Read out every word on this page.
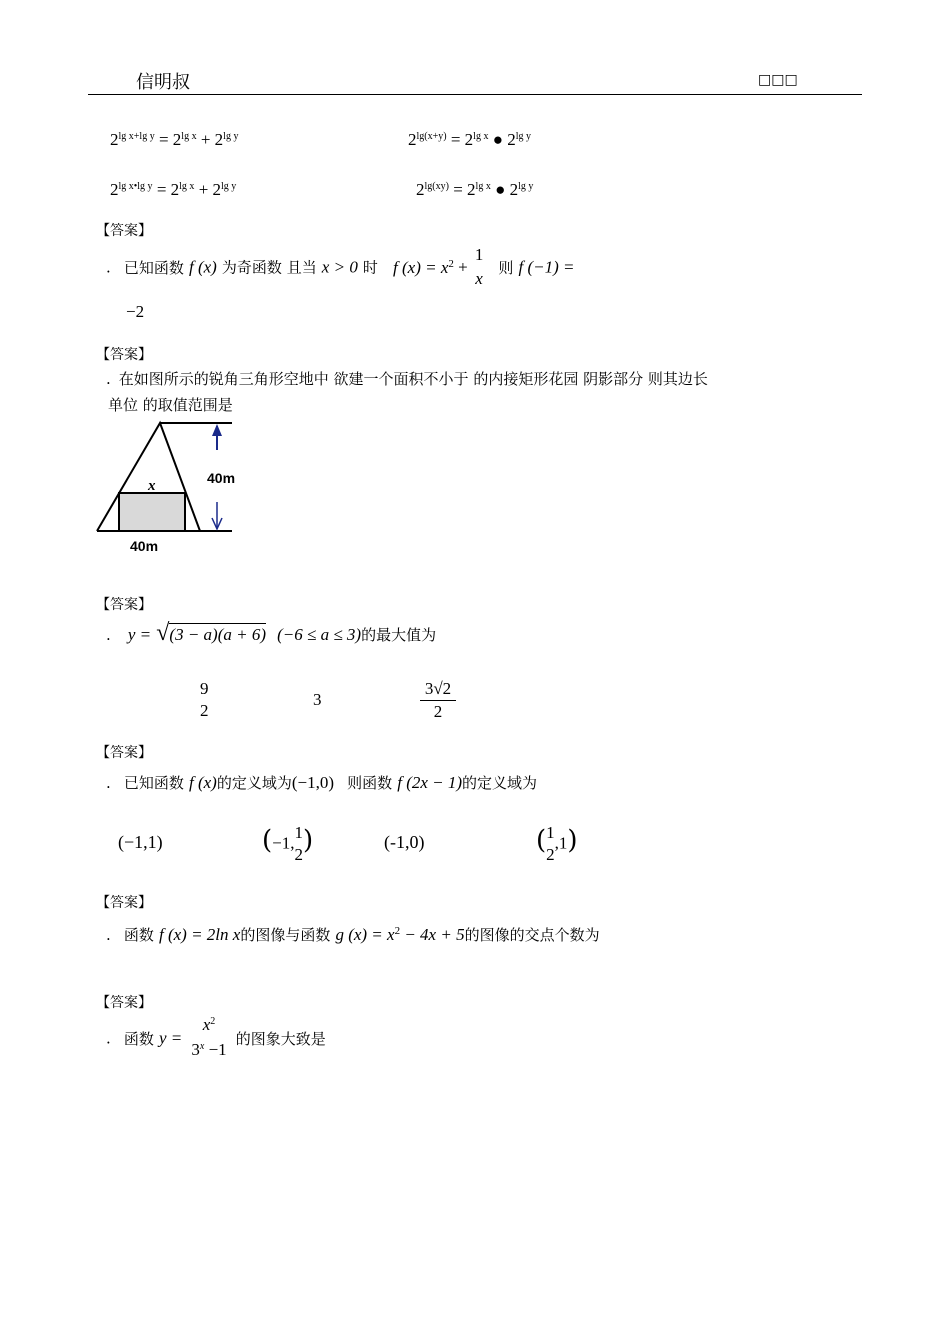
信明叔	□□□
$2^{lg x+lg y} = 2^{lg x} + 2^{lg y}$	$2^{lg(x+y)} = 2^{lg x}$ ● $2^{lg y}$
$2^{lg x•lg y} = 2^{lg x} + 2^{lg y}$	$2^{lg(xy)} = 2^{lg x}$ ● $2^{lg y}$
【答案】
. 已知函数 f (x) 为奇函数 且当 x > 0 时 f $(x) = x^2$ +
1
x
则 f (−1) =
−2
【答案】
. 在如图所示的锐角三角形空地中 欲建一个面积不小于 的内接矩形花园 阴影部分 则其边长
单位 的取值范围是
40m
x
40m
【答案】
. y = √(3 − a)(a + 6) (−6 ≤ a ≤ 3)的最大值为
9
2
3	$\frac{3√2}{2}$
【答案】
. 已知函数 f (x)的定义域为(−1,0) 则函数 f (2x − 1)的定义域为
(−1,1)	(−1,
1
2 )	(-1,0)	( 1
2
,1)
【答案】
. 函数 f (x) = 2ln x的图像与函数 g $(x) = x^2 - 4x + 5$的图像的交点个数为
【答案】
. 函数 y =
$x^2$
$3^x -1$
的图象大致是
